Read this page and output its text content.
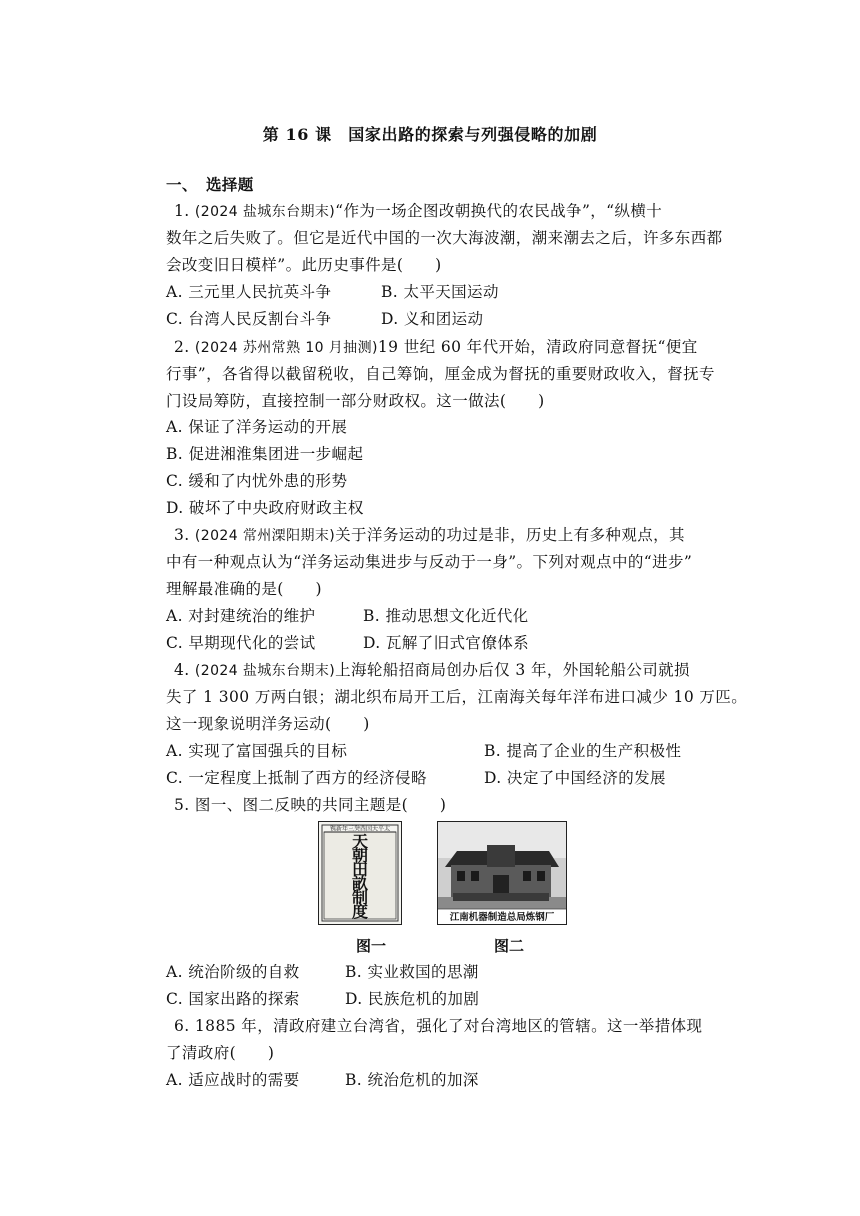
第 16 课　国家出路的探索与列强侵略的加剧
一、　选择题
1. (2024 盐城东台期末)“作为一场企图改朝换代的农民战争”，“纵横十
数年之后失败了。但它是近代中国的一次大海波潮，潮来潮去之后，许多东西都
会改变旧日模样”。此历史事件是(　　)
A. 三元里人民抗英斗争	B. 太平天国运动
C. 台湾人民反割台斗争	D. 义和团运动
2. (2024 苏州常熟 10 月抽测)19 世纪 60 年代开始，清政府同意督抚“便宜
行事”，各省得以截留税收，自己筹饷，厘金成为督抚的重要财政收入，督抚专
门设局筹防，直接控制一部分财政权。这一做法(　　)
A. 保证了洋务运动的开展
B. 促进湘淮集团进一步崛起
C. 缓和了内忧外患的形势
D. 破坏了中央政府财政主权
3. (2024 常州溧阳期末)关于洋务运动的功过是非，历史上有多种观点，其
中有一种观点认为“洋务运动集进步与反动于一身”。下列对观点中的“进步”
理解最准确的是(　　)
A. 对封建统治的维护	B. 推动思想文化近代化
C. 早期现代化的尝试	D. 瓦解了旧式官僚体系
4. (2024 盐城东台期末)上海轮船招商局创办后仅 3 年，外国轮船公司就损
失了 1 300 万两白银；湖北织布局开工后，江南海关每年洋布进口减少 10 万匹。
这一现象说明洋务运动(　　)
A. 实现了富国强兵的目标	B. 提高了企业的生产积极性
C. 一定程度上抵制了西方的经济侵略	D. 决定了中国经济的发展
5. 图一、图二反映的共同主题是(　　)
镌新年三癸酉国天平太
天
朝
田
畝
制
度	江南机器制造总局炼钢厂
图一	图二
A. 统治阶级的自救	B. 实业救国的思潮
C. 国家出路的探索	D. 民族危机的加剧
6. 1885 年，清政府建立台湾省，强化了对台湾地区的管辖。这一举措体现
了清政府(　　)
A. 适应战时的需要	B. 统治危机的加深
